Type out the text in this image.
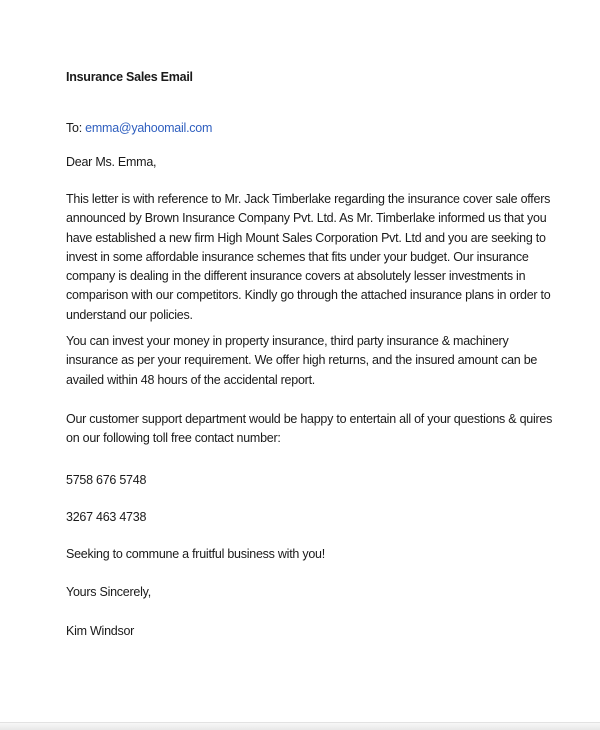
Insurance Sales Email
To: emma@yahoomail.com
Dear Ms. Emma,
This letter is with reference to Mr. Jack Timberlake regarding the insurance cover sale offers announced by Brown Insurance Company Pvt. Ltd. As Mr. Timberlake informed us that you have established a new firm High Mount Sales Corporation Pvt. Ltd and you are seeking to invest in some affordable insurance schemes that fits under your budget. Our insurance company is dealing in the different insurance covers at absolutely lesser investments in comparison with our competitors. Kindly go through the attached insurance plans in order to understand our policies.
You can invest your money in property insurance, third party insurance & machinery insurance as per your requirement. We offer high returns, and the insured amount can be availed within 48 hours of the accidental report.
Our customer support department would be happy to entertain all of your questions & quires on our following toll free contact number:
5758 676 5748
3267 463 4738
Seeking to commune a fruitful business with you!
Yours Sincerely,
Kim Windsor
